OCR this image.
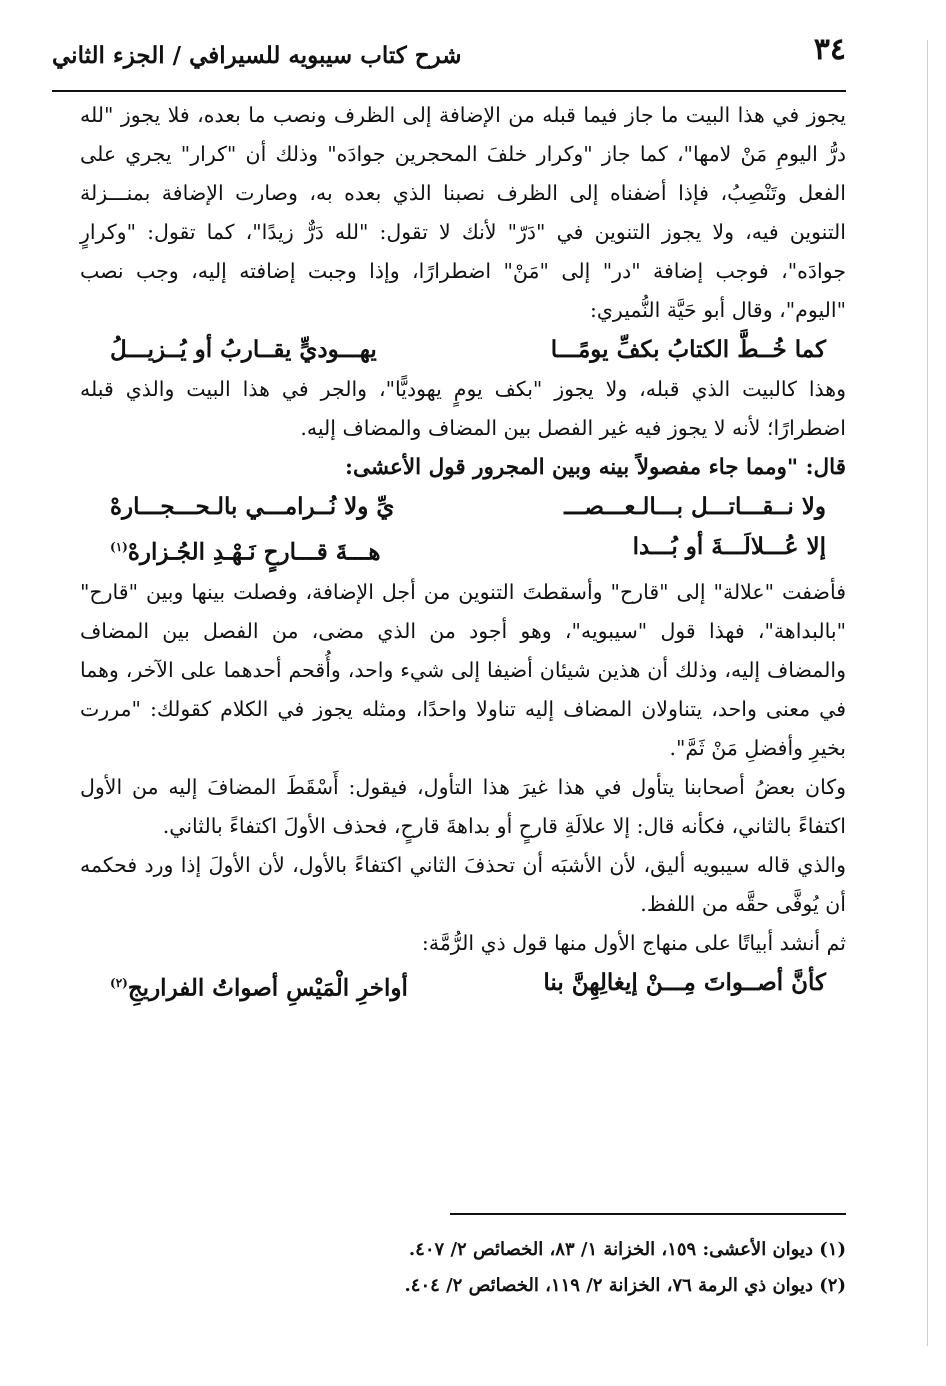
٣٤
شرح كتاب سيبويه للسيرافي / الجزء الثاني

يجوز في هذا البيت ما جاز فيما قبله من الإضافة إلى الظرف ونصب ما بعده، فلا يجوز "لله درُّ اليومِ مَنْ لامها"، كما جاز "وكرار خلفَ المحجرين جوادَه" وذلك أن "كرار" يجري على الفعل وتَنْصِبُ، فإذا أضفناه إلى الظرف نصبنا الذي بعده به، وصارت الإضافة بمنـــزلة التنوين فيه، ولا يجوز التنوين في "دَرّ" لأنك لا تقول: "لله دَرٌّ زيدًا"، كما تقول: "وكرارٍ جوادَه"، فوجب إضافة "در" إلى "مَنْ" اضطرارًا، وإذا وجبت إضافته إليه، وجب نصب "اليوم"، وقال أبو حَيَّة النُّميري:

كما خُــطَّ الكتابُ بكفِّ يومًـــا
يهـــوديٍّ يقــاربُ أو يُــزيـــلُ

وهذا كالبيت الذي قبله، ولا يجوز "بكف يومٍ يهوديًّا"، والجر في هذا البيت والذي قبله اضطرارًا؛ لأنه لا يجوز فيه غير الفصل بين المضاف والمضاف إليه.

قال: "ومما جاء مفصولاً بينه وبين المجرور قول الأعشى:

ولا نــقـــاتـــل بـــالـعـــصـــ
يِّ ولا نُــرامـــي بالـحـــجـــارهْ
إلا عُـــلالَـــةَ أو بُـــدا
هـــةَ قـــارحٍ نَـهْـدِ الجُـزارهْ$^{(١)}$

فأضفت "علالة" إلى "قارح" وأسقطتَ التنوين من أجل الإضافة، وفصلت بينها وبين "قارح" "بالبداهة"، فهذا قول "سيبويه"، وهو أجود من الذي مضى، من الفصل بين المضاف والمضاف إليه، وذلك أن هذين شيئان أضيفا إلى شيء واحد، وأُقحم أحدهما على الآخر، وهما في معنى واحد، يتناولان المضاف إليه تناولا واحدًا، ومثله يجوز في الكلام كقولك: "مررت بخيرِ وأفضلِ مَنْ ثَمَّ".

وكان بعضُ أصحابنا يتأول في هذا غيرَ هذا التأول، فيقول: أَسْقَطَ المضافَ إليه من الأول اكتفاءً بالثاني، فكأنه قال: إلا علالَةِ قارحٍ أو بداهةَ قارحٍ، فحذف الأولَ اكتفاءً بالثاني.

والذي قاله سيبويه أليق، لأن الأشبَه أن تحذفَ الثاني اكتفاءً بالأول، لأن الأولَ إذا ورد فحكمه أن يُوفَّى حقَّه من اللفظ.

ثم أنشد أبياتًا على منهاج الأول منها قول ذي الرُّمَّة:

كأنَّ أصــواتَ مِـــنْ إيغالِهِنَّ بنا
أواخرِ الْمَيْسِ أصواتُ الفراريجِ$^{(٢)}$

(١) ديوان الأعشى: ١٥٩، الخزانة ١/ ٨٣، الخصائص ٢/ ٤٠٧.

(٢) ديوان ذي الرمة ٧٦، الخزانة ٢/ ١١٩، الخصائص ٢/ ٤٠٤.
